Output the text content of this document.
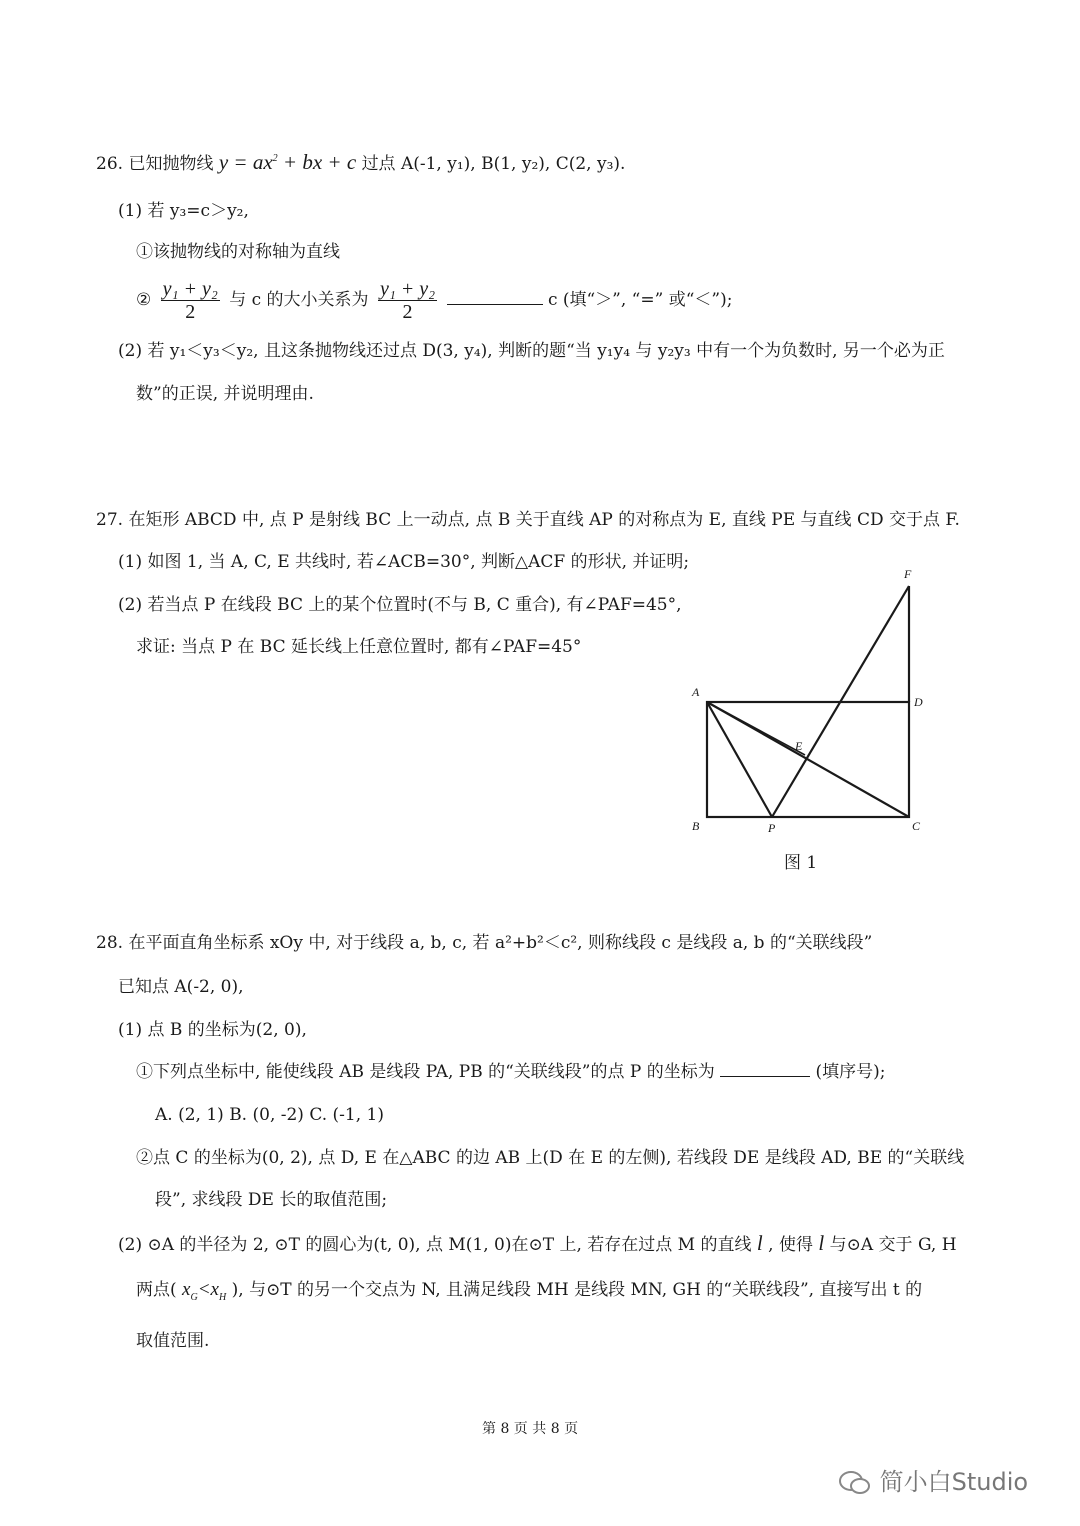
26. 已知抛物线 $y = ax^2$ + bx + c 过点 A(-1, y₁), B(1, y₂), C(2, y₃).
(1) 若 y₃=c＞y₂,
①该抛物线的对称轴为直线
② $\frac{\text{y₁ + y₂}}{2}$ 与 c 的大小关系为 $\frac{\text{y₁ + y₂}}{2}$	c (填“＞”, “=” 或“＜”);
(2) 若 y₁＜y₃＜y₂, 且这条抛物线还过点 D(3, y₄), 判断的题“当 y₁y₄ 与 y₂y₃ 中有一个为负数时, 另一个必为正
数”的正误, 并说明理由.
27. 在矩形 ABCD 中, 点 P 是射线 BC 上一动点, 点 B 关于直线 AP 的对称点为 E, 直线 PE 与直线 CD 交于点 F.
(1) 如图 1, 当 A, C, E 共线时, 若∠ACB=30°, 判断△ACF 的形状, 并证明;
(2) 若当点 P 在线段 BC 上的某个位置时(不与 B, C 重合), 有∠PAF=45°,
求证: 当点 P 在 BC 延长线上任意位置时, 都有∠PAF=45°
A
B	P	C
D
E
F
图 1
28. 在平面直角坐标系 xOy 中, 对于线段 a, b, c, 若 a²+b²＜c², 则称线段 c 是线段 a, b 的“关联线段”
已知点 A(-2, 0),
(1) 点 B 的坐标为(2, 0),
①下列点坐标中, 能使线段 AB 是线段 PA, PB 的“关联线段”的点 P 的坐标为	(填序号);
A. (2, 1) B. (0, -2) C. (-1, 1)
②点 C 的坐标为(0, 2), 点 D, E 在△ABC 的边 AB 上(D 在 E 的左侧), 若线段 DE 是线段 AD, BE 的“关联线
段”, 求线段 DE 长的取值范围;
(2) ⊙A 的半径为 2, ⊙T 的圆心为(t, 0), 点 M(1, 0)在⊙T 上, 若存在过点 M 的直线 l , 使得 l 与⊙A 交于 G, H
两点( $x_G<x_H$ ), 与⊙T 的另一个交点为 N, 且满足线段 MH 是线段 MN, GH 的“关联线段”, 直接写出 t 的
取值范围.
第 8 页 共 8 页
简小白Studio
